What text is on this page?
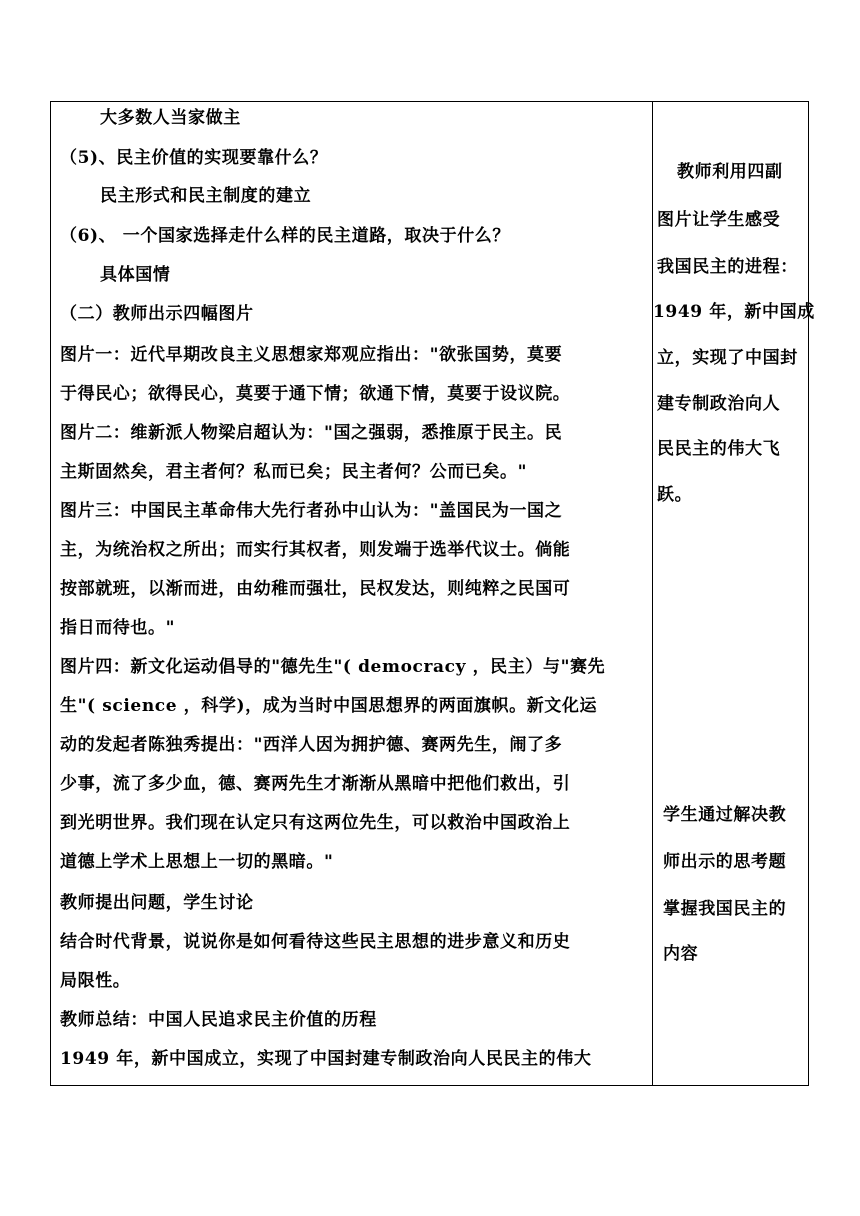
大多数人当家做主
（5)、民主价值的实现要靠什么？
民主形式和民主制度的建立
（6)、 一个国家选择走什么样的民主道路，取决于什么？
具体国情
（二）教师出示四幅图片
图片一：近代早期改良主义思想家郑观应指出："欲张国势，莫要
于得民心；欲得民心，莫要于通下情；欲通下情，莫要于设议院。
图片二：维新派人物梁启超认为："国之强弱，悉推原于民主。民
主斯固然矣，君主者何？私而已矣；民主者何？公而已矣。"
图片三：中国民主革命伟大先行者孙中山认为："盖国民为一国之
主，为统治权之所出；而实行其权者，则发端于选举代议士。倘能
按部就班，以渐而进，由幼稚而强壮，民权发达，则纯粹之民国可
指日而待也。"
图片四：新文化运动倡导的"德先生"( democracy ，民主）与"赛先
生"( science ，科学)，成为当时中国思想界的两面旗帜。新文化运
动的发起者陈独秀提出："西洋人因为拥护德、赛两先生，闹了多
少事，流了多少血，德、赛两先生才渐渐从黑暗中把他们救出，引
到光明世界。我们现在认定只有这两位先生，可以救治中国政治上
道德上学术上思想上一切的黑暗。"
教师提出问题，学生讨论
结合时代背景，说说你是如何看待这些民主思想的进步意义和历史
局限性。
教师总结：中国人民追求民主价值的历程
1949 年，新中国成立，实现了中国封建专制政治向人民民主的伟大
教师利用四副
图片让学生感受
我国民主的进程：
1949 年，新中国成
立，实现了中国封
建专制政治向人
民民主的伟大飞
跃。
学生通过解决教
师出示的思考题
掌握我国民主的
内容
